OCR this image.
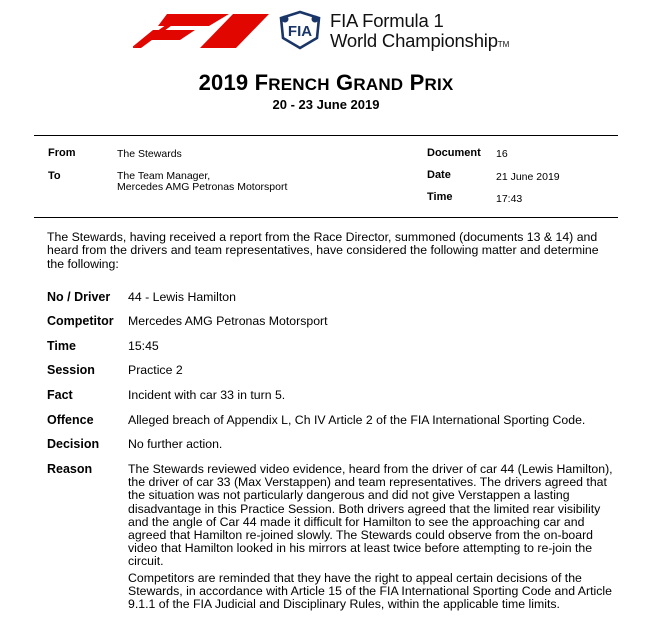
FIA
FIA Formula 1
World ChampionshipTM
2019 FRENCH GRAND PRIX
20 - 23 June 2019
From	The Stewards
To	The Team Manager,
Mercedes AMG Petronas Motorsport
Document 16
Date	21 June 2019
Time	17:43
The Stewards, having received a report from the Race Director, summoned (documents 13 & 14) and heard from the drivers and team representatives, have considered the following matter and determine the following:
No / Driver 44 - Lewis Hamilton
Competitor Mercedes AMG Petronas Motorsport
Time	15:45
Session	Practice 2
Fact	Incident with car 33 in turn 5.
Offence	Alleged breach of Appendix L, Ch IV Article 2 of the FIA International Sporting Code.
Decision No further action.
Reason	The Stewards reviewed video evidence, heard from the driver of car 44 (Lewis Hamilton), the driver of car 33 (Max Verstappen) and team representatives. The drivers agreed that the situation was not particularly dangerous and did not give Verstappen a lasting disadvantage in this Practice Session. Both drivers agreed that the limited rear visibility and the angle of Car 44 made it difficult for Hamilton to see the approaching car and agreed that Hamilton re-joined slowly. The Stewards could observe from the on-board video that Hamilton looked in his mirrors at least twice before attempting to re-join the circuit.

Competitors are reminded that they have the right to appeal certain decisions of the Stewards, in accordance with Article 15 of the FIA International Sporting Code and Article 9.1.1 of the FIA Judicial and Disciplinary Rules, within the applicable time limits.
